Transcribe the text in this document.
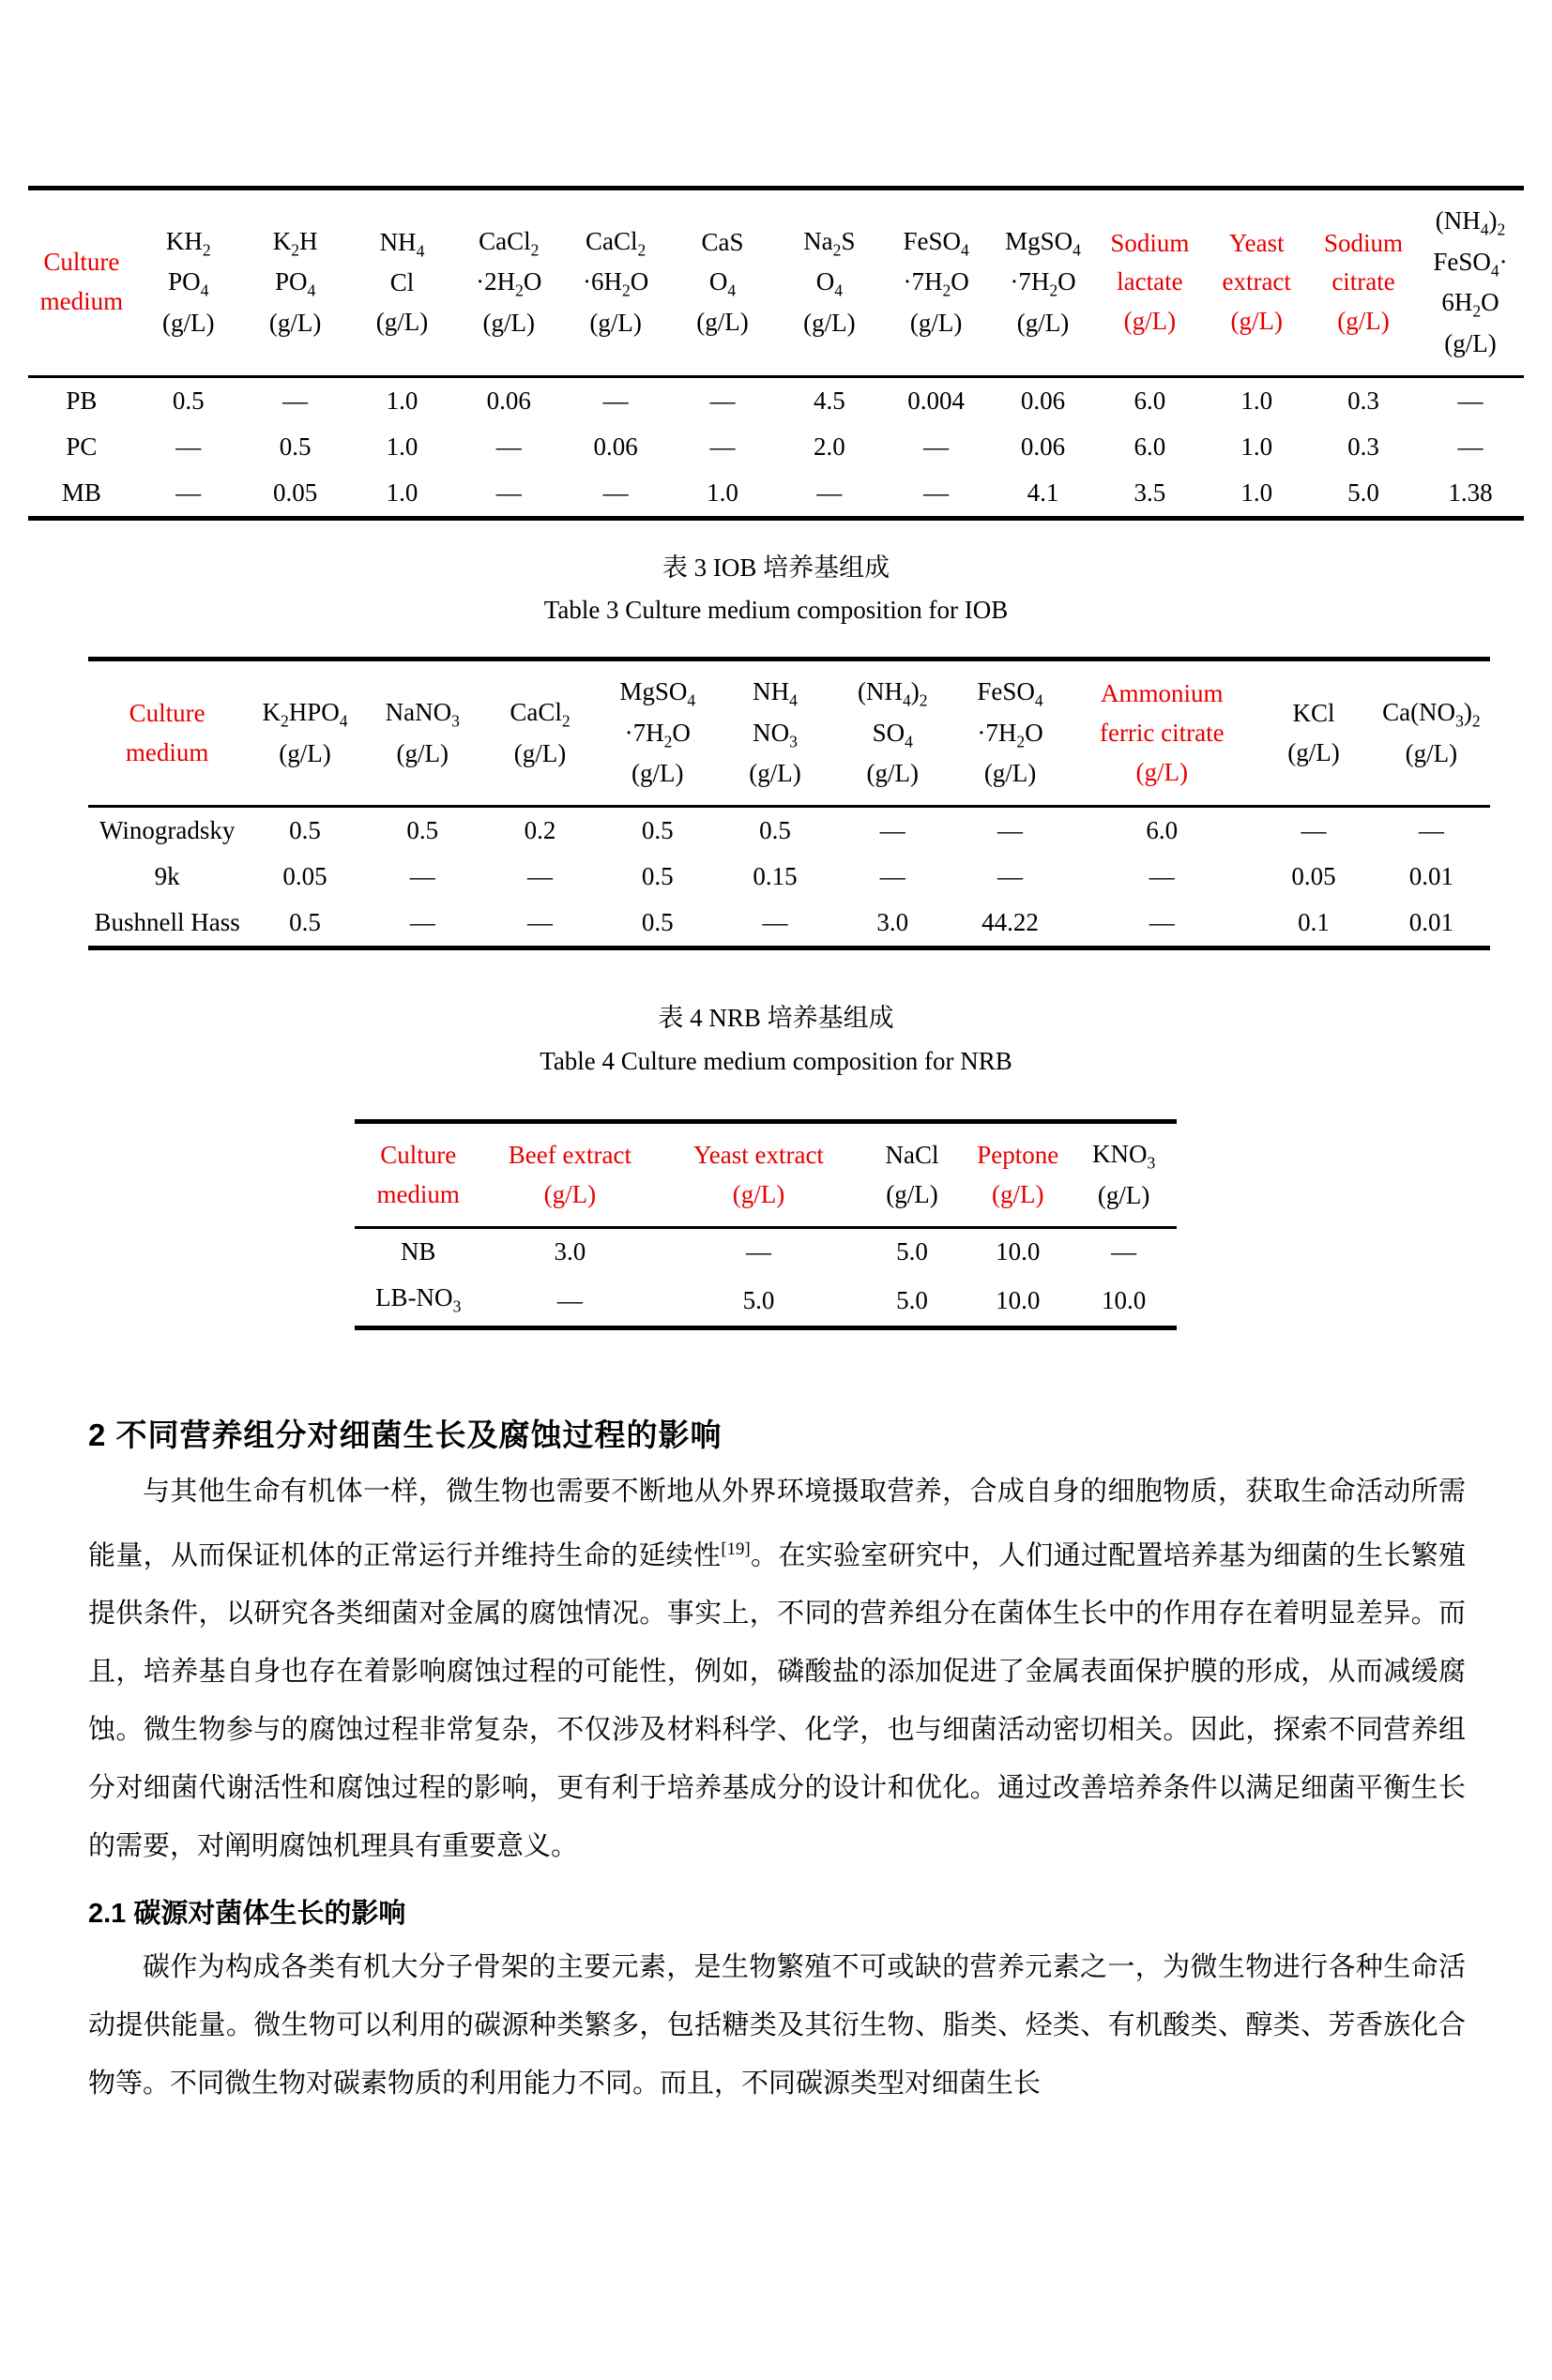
Culture
medium	$KH_2$
$PO_4$
(g/L)	$K_2H$
$PO_4$
(g/L)	$NH_4$
Cl
(g/L)	CaCl$_2$
$\cdot 2H_2O$
(g/L)	CaCl$_2$
$\cdot 6H_2O$
(g/L)	CaS
$O_4$
(g/L)	$Na_2S$
$O_4$
(g/L)	FeSO$_4$
$\cdot 7H_2O$
(g/L)	MgSO$_4$
$\cdot 7H_2O$
(g/L)	Sodium
lactate
(g/L)	Yeast
extract
(g/L)	Sodium
citrate
(g/L)	$(NH_4)_2$
FeSO$_4$·
$6H_2O$
(g/L)
PB	0.5	—	1.0	0.06	—	—	4.5	0.004	0.06	6.0	1.0	0.3	—
PC	—	0.5	1.0	—	0.06	—	2.0	—	0.06	6.0	1.0	0.3	—
MB	—	0.05	1.0	—	—	1.0	—	—	4.1	3.5	1.0	5.0	1.38
表 3 IOB 培养基组成
Table 3 Culture medium composition for IOB
Culture
medium	$K_2HPO_4$
(g/L)	NaNO$_3$
(g/L)	CaCl$_2$
(g/L)	MgSO$_4$
$\cdot 7H_2O$
(g/L)	$NH_4$
$NO_3$
(g/L)	$(NH_4)_2$
$SO_4$
(g/L)	FeSO$_4$
$\cdot 7H_2O$
(g/L)	Ammonium
ferric citrate
(g/L)	KCl
(g/L)	$Ca(NO_3)_2$
(g/L)
Winogradsky	0.5	0.5	0.2	0.5	0.5	—	—	6.0	—	—
9k	0.05	—	—	0.5	0.15	—	—	—	0.05	0.01
Bushnell Hass	0.5	—	—	0.5	—	3.0	44.22	—	0.1	0.01
表 4 NRB 培养基组成
Table 4 Culture medium composition for NRB
Culture
medium	Beef extract
(g/L)	Yeast extract
(g/L)	NaCl
(g/L)	Peptone
(g/L)	$KNO_3$
(g/L)
NB	3.0	—	5.0	10.0	—
$LB-NO_3$	—	5.0	5.0	10.0	10.0
2 不同营养组分对细菌生长及腐蚀过程的影响

与其他生命有机体一样，微生物也需要不断地从外界环境摄取营养，合成自身的细胞物质，获取生命活动所需能量，从而保证机体的正常运行并维持生命的延续性[19]。在实验室研究中，人们通过配置培养基为细菌的生长繁殖提供条件，以研究各类细菌对金属的腐蚀情况。事实上，不同的营养组分在菌体生长中的作用存在着明显差异。而且，培养基自身也存在着影响腐蚀过程的可能性，例如，磷酸盐的添加促进了金属表面保护膜的形成，从而减缓腐蚀。微生物参与的腐蚀过程非常复杂，不仅涉及材料科学、化学，也与细菌活动密切相关。因此，探索不同营养组分对细菌代谢活性和腐蚀过程的影响，更有利于培养基成分的设计和优化。通过改善培养条件以满足细菌平衡生长的需要，对阐明腐蚀机理具有重要意义。

2.1 碳源对菌体生长的影响

碳作为构成各类有机大分子骨架的主要元素，是生物繁殖不可或缺的营养元素之一，为微生物进行各种生命活动提供能量。微生物可以利用的碳源种类繁多，包括糖类及其衍生物、脂类、烃类、有机酸类、醇类、芳香族化合物等。不同微生物对碳素物质的利用能力不同。而且，不同碳源类型对细菌生长
